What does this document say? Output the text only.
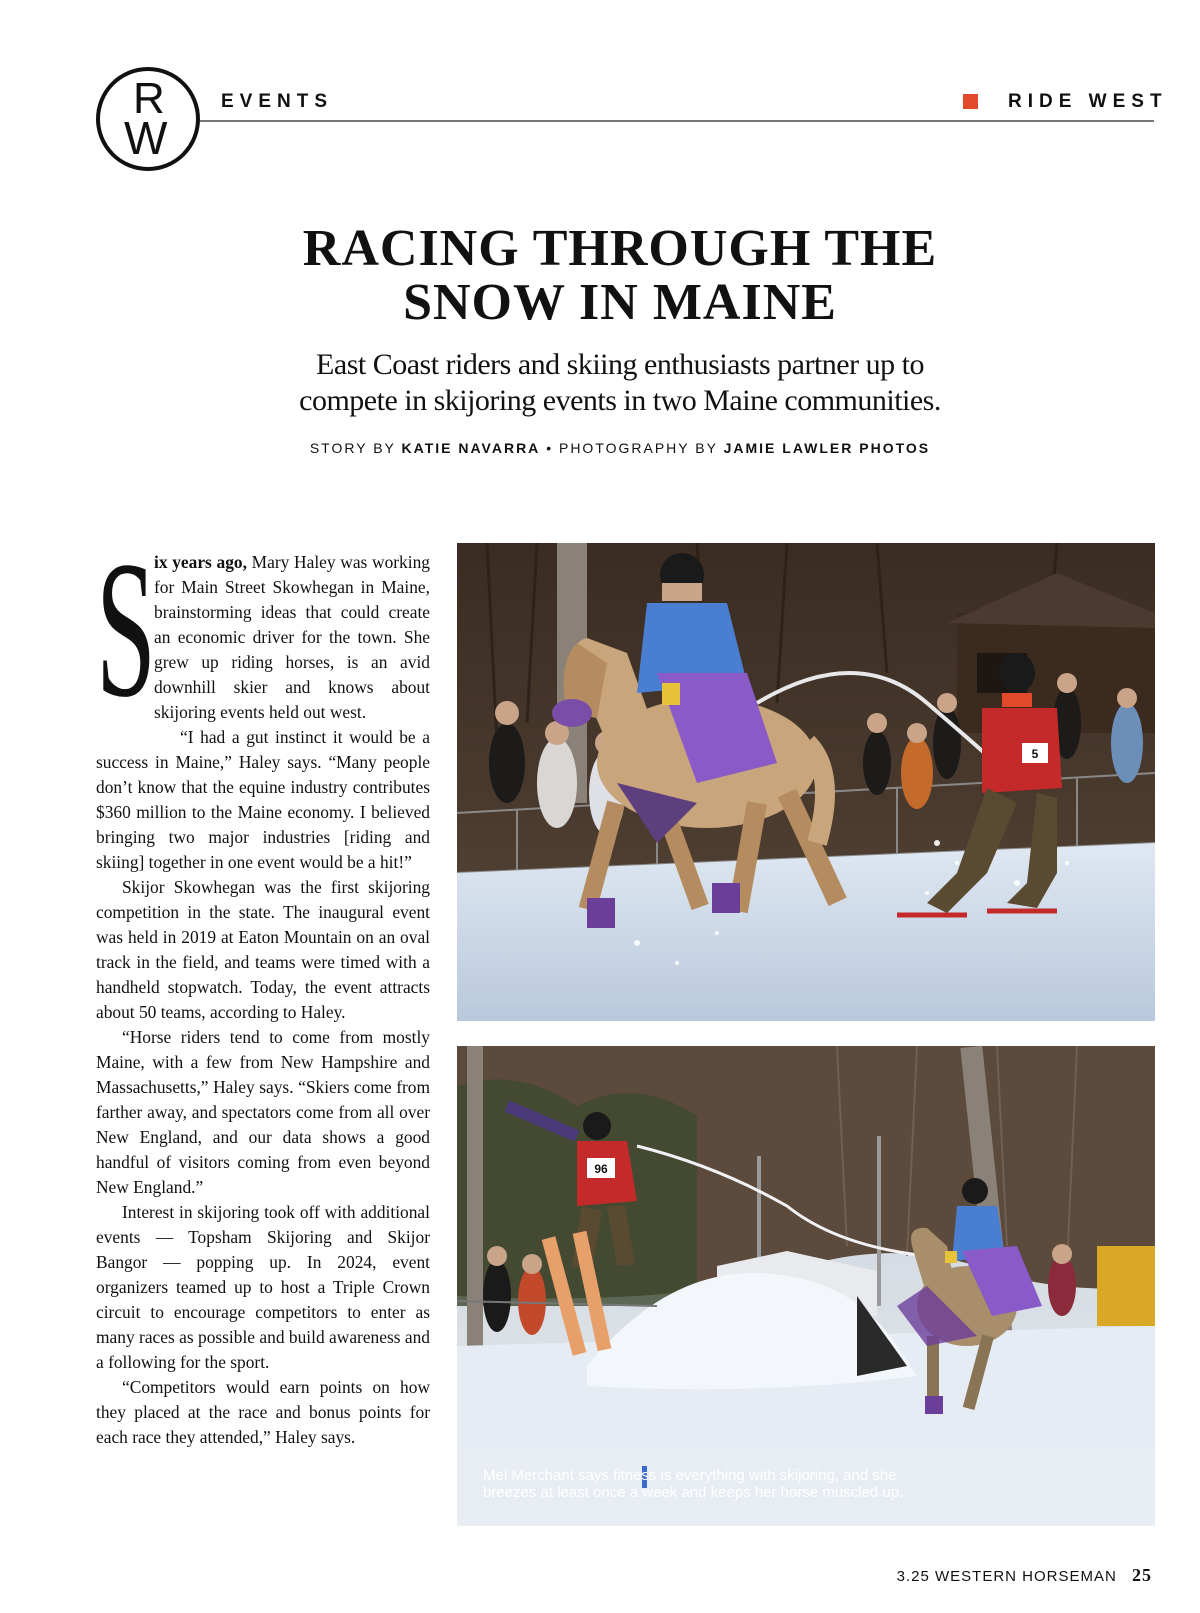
R
W
EVENTS	RIDE WEST
RACING THROUGH THE
SNOW IN MAINE
East Coast riders and skiing enthusiasts partner up to
compete in skijoring events in two Maine communities.
STORY BY KATIE NAVARRA • PHOTOGRAPHY BY JAMIE LAWLER PHOTOS
S

ix years ago, Mary Haley was working for Main Street Skowhegan in Maine, brainstorming ideas that could create an economic driver for the town. She grew up riding horses, is an avid downhill skier and knows about skijoring events held out west.

“I had a gut instinct it would be a success in Maine,” Haley says. “Many people don’t know that the equine industry contributes $360 million to the Maine economy. I believed bringing two major industries [riding and skiing] together in one event would be a hit!”

Skijor Skowhegan was the first skijoring competition in the state. The inaugural event was held in 2019 at Eaton Mountain on an oval track in the field, and teams were timed with a handheld stopwatch. Today, the event attracts about 50 teams, according to Haley.

“Horse riders tend to come from mostly Maine, with a few from New Hampshire and Massachusetts,” Haley says. “Skiers come from farther away, and spectators come from all over New England, and our data shows a good handful of visitors coming from even beyond New England.”

Interest in skijoring took off with additional events — Topsham Skijoring and Skijor Bangor — popping up. In 2024, event organizers teamed up to host a Triple Crown circuit to encourage competitors to enter as many races as possible and build awareness and a following for the sport.

“Competitors would earn points on how they placed at the race and bonus points for each race they attended,” Haley says.

5
96
Mel Merchant says fitness is everything with skijoring, and she
breezes at least once a week and keeps her horse muscled up.
3.25 WESTERN HORSEMAN 25
